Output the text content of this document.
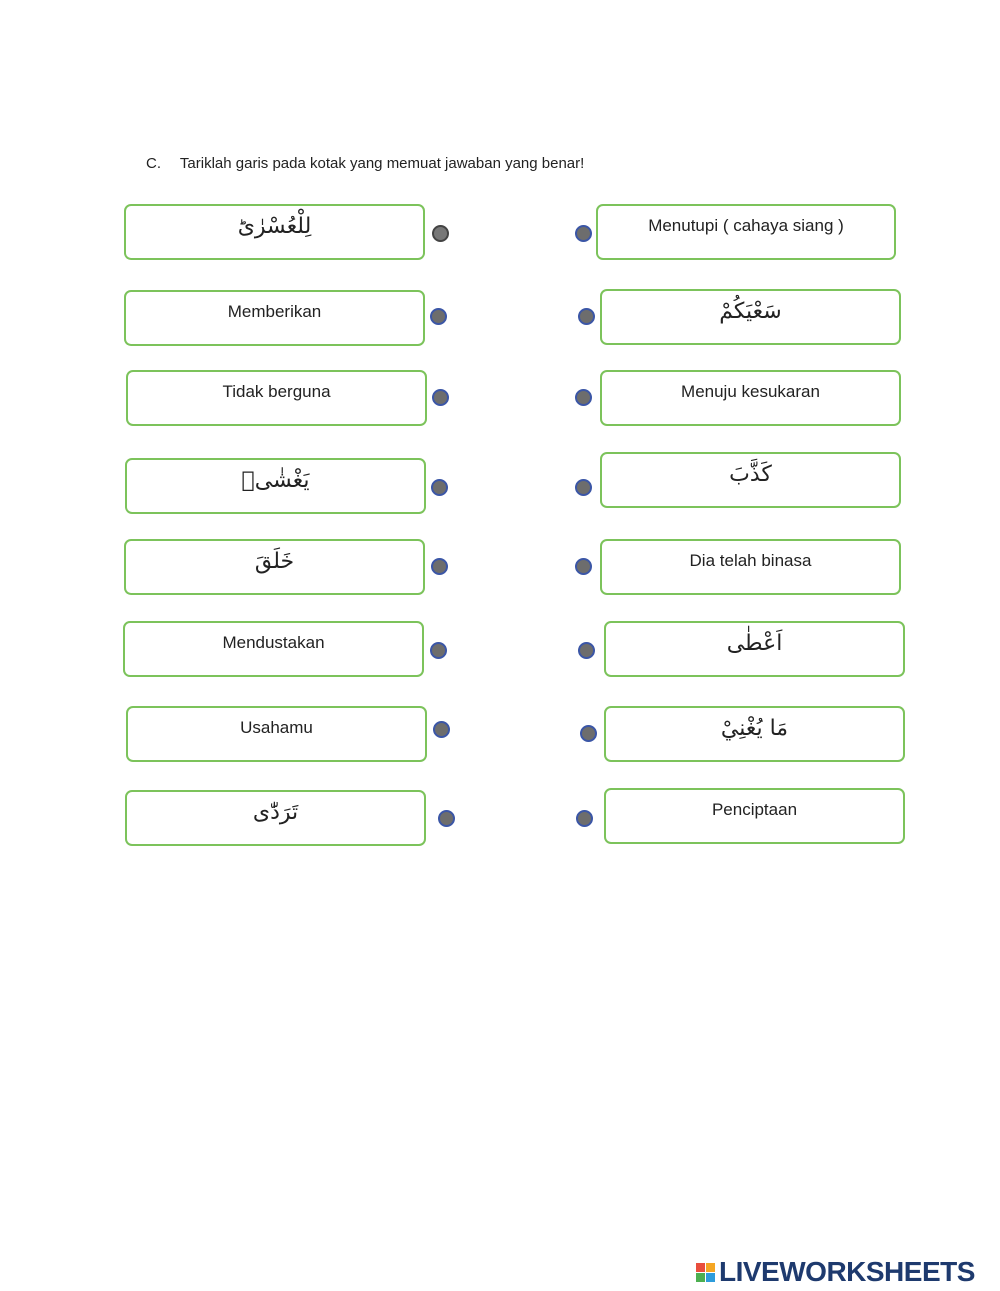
C. Tariklah garis pada kotak yang memuat jawaban yang benar!
لِلْعُسْرٰىؕ
Memberikan
Tidak berguna
يَغْشٰىۙ
خَلَقَ
Mendustakan
Usahamu
تَرَدّٰى
Menutupi ( cahaya siang )
سَعْيَكُمْ
Menuju kesukaran
كَذَّبَ
Dia telah binasa
اَعْطٰى
مَا يُغْنِيْ
Penciptaan
LIVEWORKSHEETS
